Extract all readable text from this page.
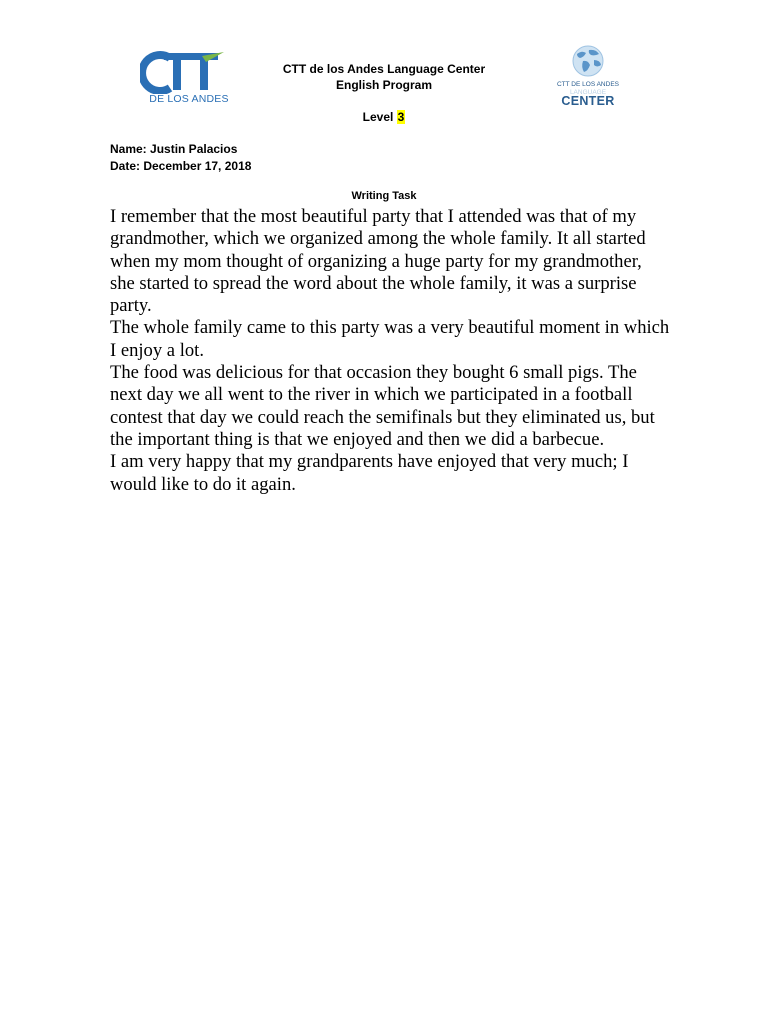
DE LOS ANDES
CTT de los Andes Language Center
English Program
Level 3
CTT DE LOS ANDES
LANGUAGE
CENTER
Name: Justin Palacios
Date: December 17, 2018
Writing Task

I remember that the most beautiful party that I attended was that of my grandmother, which we organized among the whole family. It all started when my mom thought of organizing a huge party for my grandmother, she started to spread the word about the whole family, it was a surprise party.

The whole family came to this party was a very beautiful moment in which I enjoy a lot.

The food was delicious for that occasion they bought 6 small pigs. The next day we all went to the river in which we participated in a football contest that day we could reach the semifinals but they eliminated us, but the important thing is that we enjoyed and then we did a barbecue.

I am very happy that my grandparents have enjoyed that very much; I would like to do it again.
